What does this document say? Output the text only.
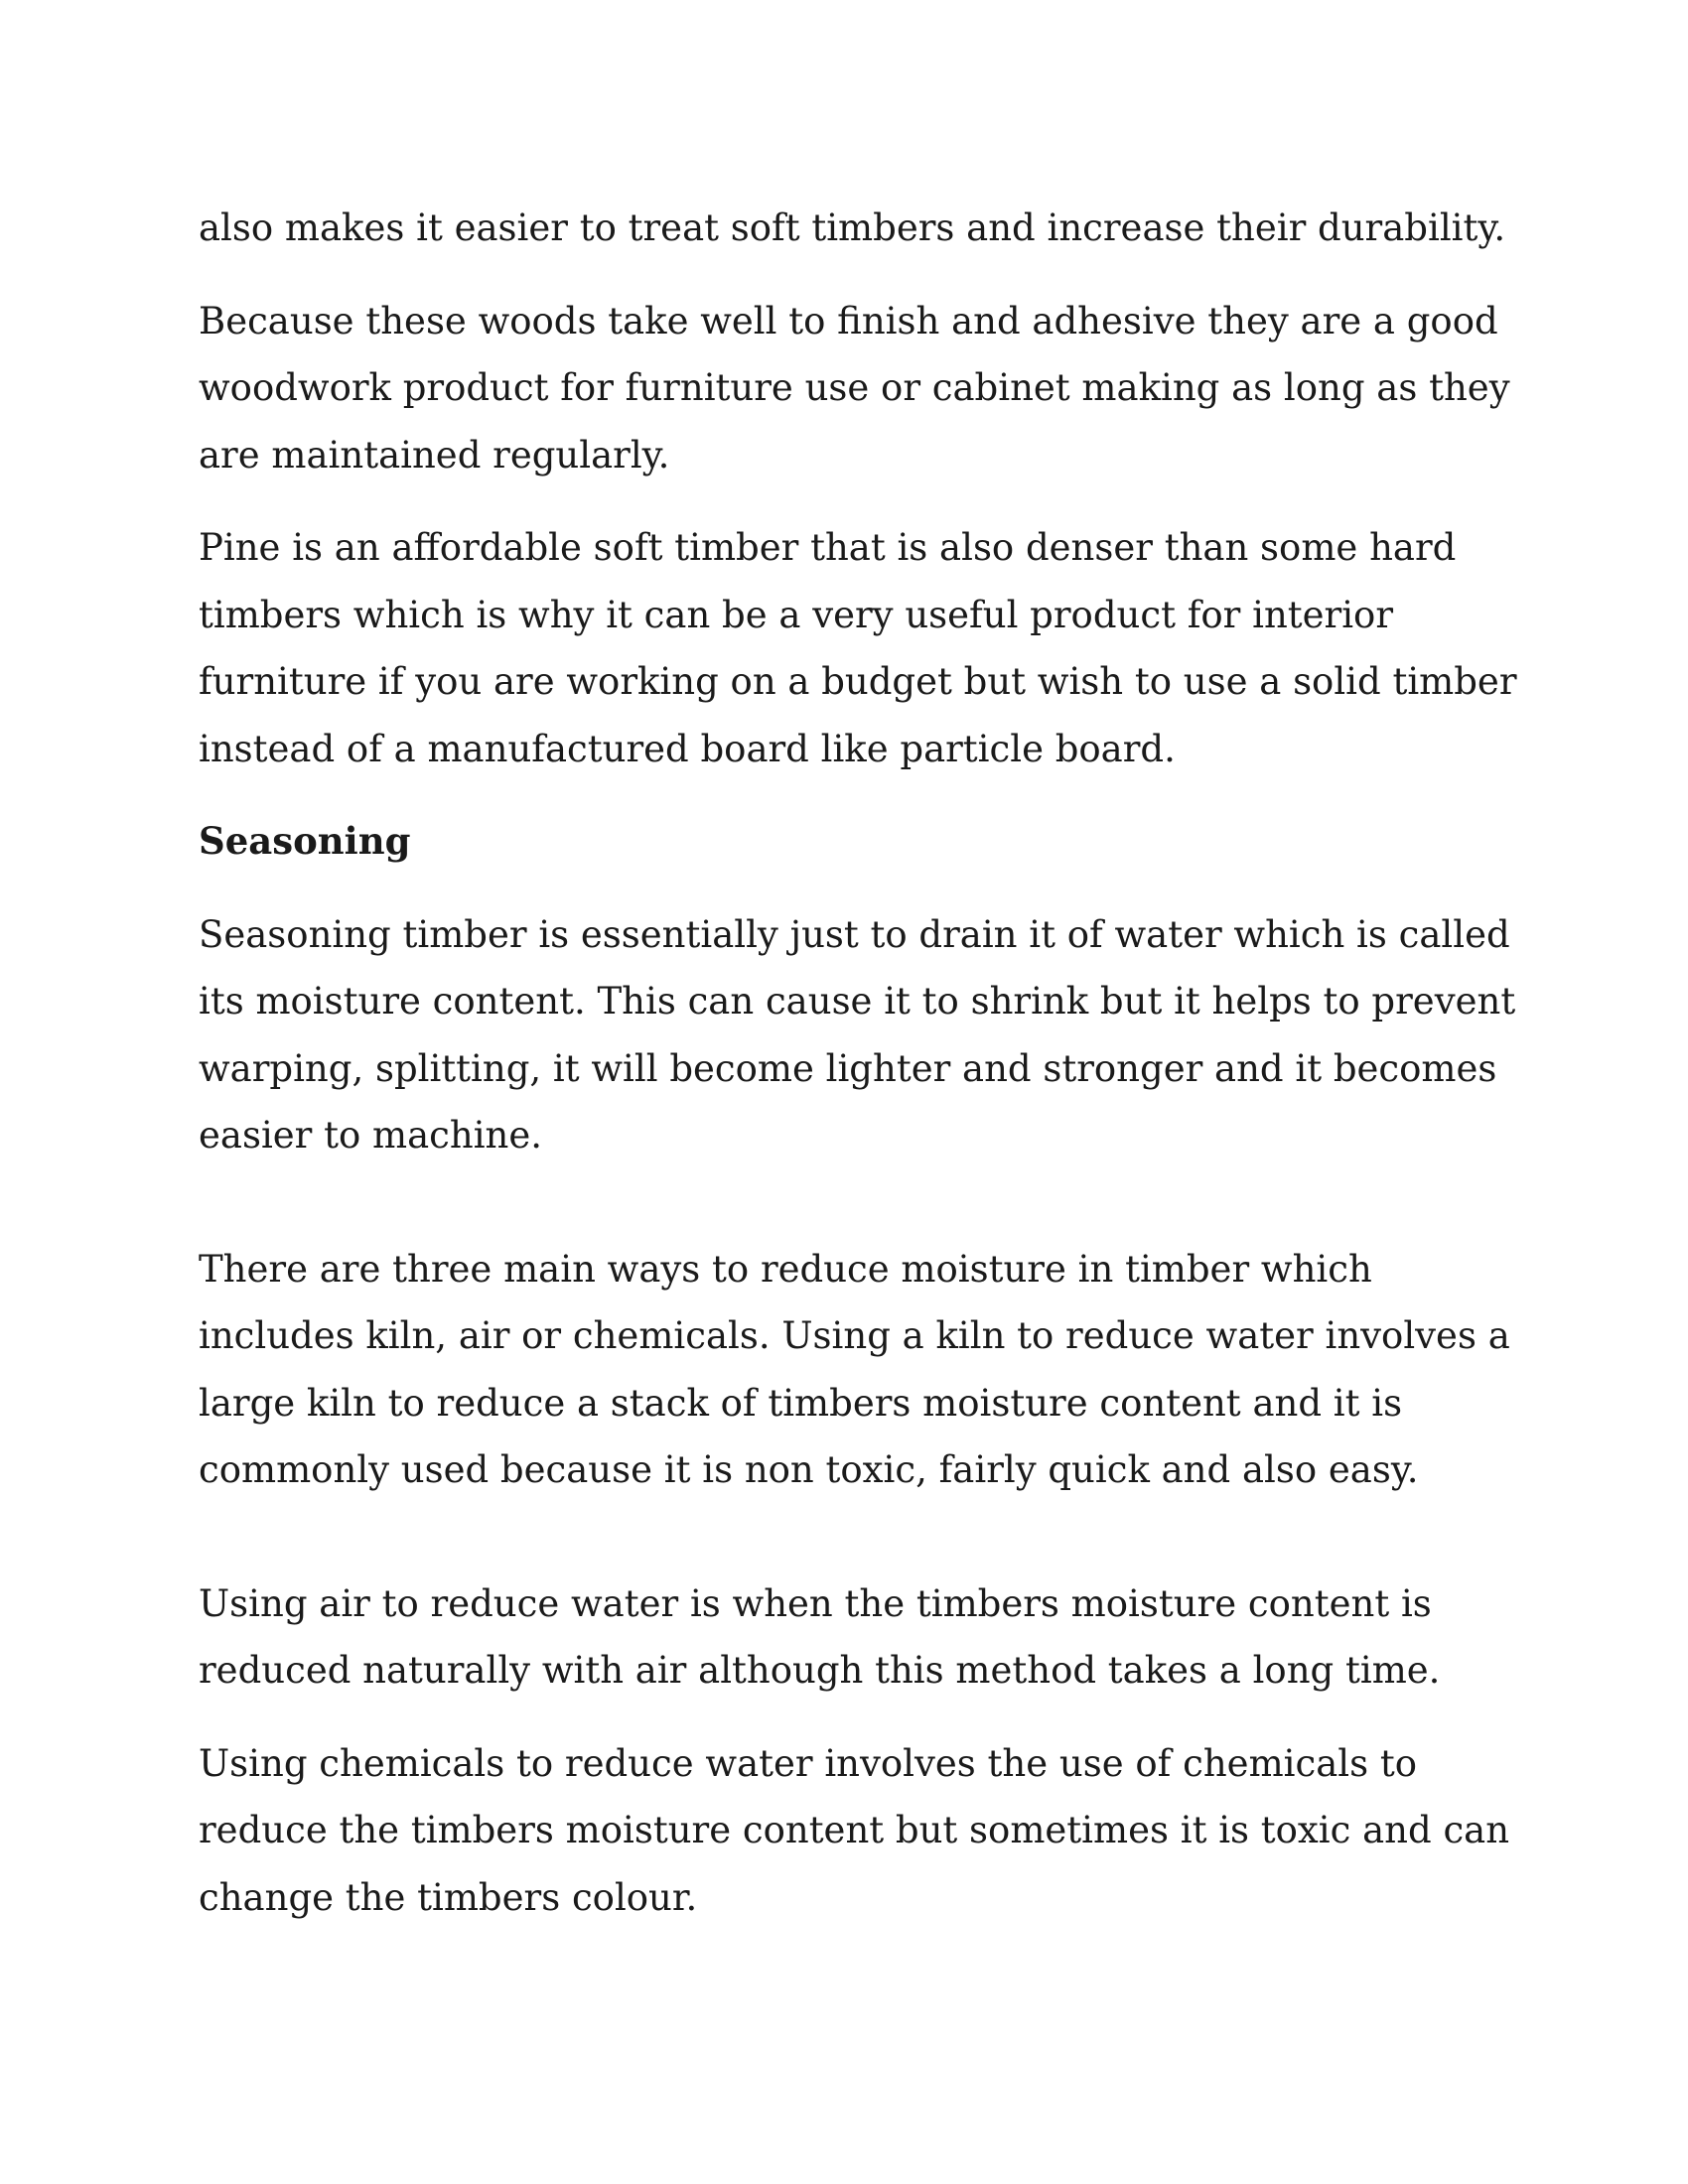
also makes it easier to treat soft timbers and increase their durability.

Because these woods take well to finish and adhesive they are a good
woodwork product for furniture use or cabinet making as long as they
are maintained regularly.

Pine is an affordable soft timber that is also denser than some hard
timbers which is why it can be a very useful product for interior
furniture if you are working on a budget but wish to use a solid timber
instead of a manufactured board like particle board.

Seasoning

Seasoning timber is essentially just to drain it of water which is called
its moisture content. This can cause it to shrink but it helps to prevent
warping, splitting, it will become lighter and stronger and it becomes
easier to machine.

There are three main ways to reduce moisture in timber which
includes kiln, air or chemicals. Using a kiln to reduce water involves a
large kiln to reduce a stack of timbers moisture content and it is
commonly used because it is non toxic, fairly quick and also easy.

Using air to reduce water is when the timbers moisture content is
reduced naturally with air although this method takes a long time.

Using chemicals to reduce water involves the use of chemicals to
reduce the timbers moisture content but sometimes it is toxic and can
change the timbers colour.
